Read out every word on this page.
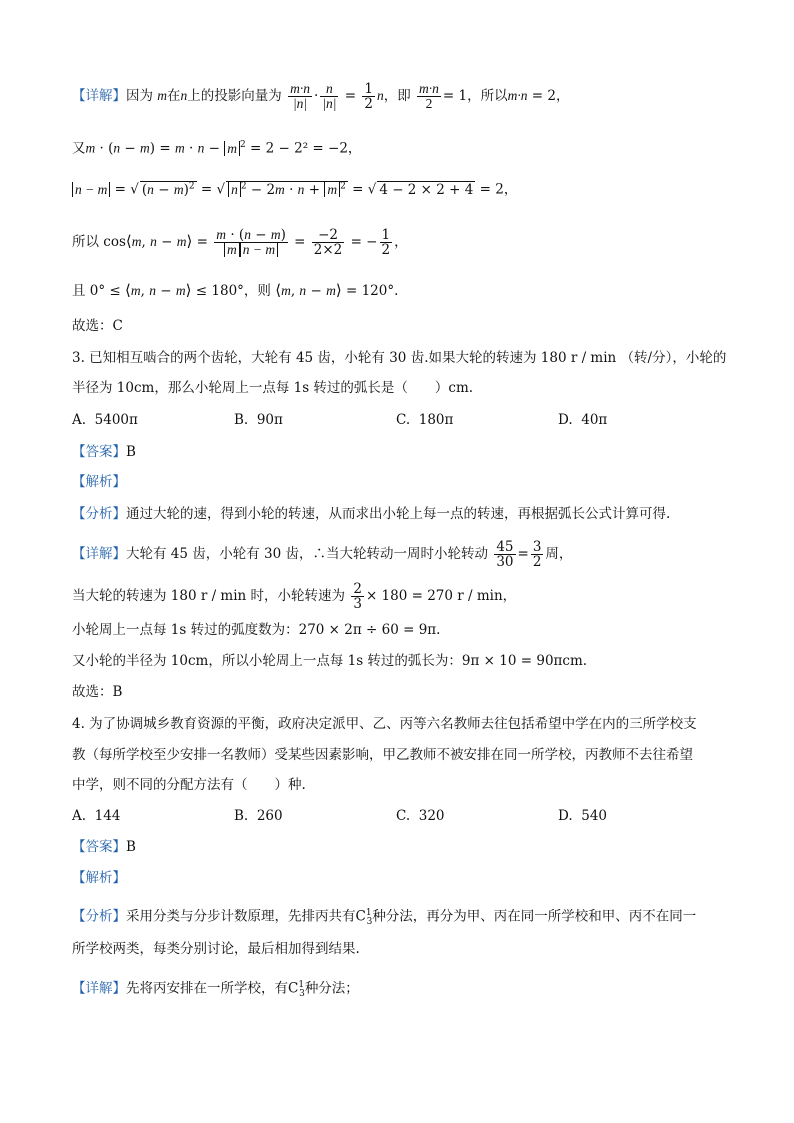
【详解】因为 m在n上的投影向量为 $\frac{m\cdot n}{|n|} \cdot \frac{n}{|n|} = \frac{1}{2}$ n，即 $\frac{m\cdot n}{2} = 1$，所以m·n = 2，
又m · (n − m) = m · n − m $^2$ = 2 − 2² = −2，
n − m = √ $(n - m)^2$ = √ n $^2$ − 2m · n + m $^2$ = √ 4 − 2 × 2 + 4 = 2，
所以 cos⟨m, n − m⟩ = $\frac{m \cdot (n - m)}{\text{m n − m}} = \frac{-2}{2\times 2}$ = − $\frac{1}{2}$ ，
且 0° ≤ ⟨m, n − m⟩ ≤ 180°，则 ⟨m, n − m⟩ = 120°.
故选：C
3. 已知相互啮合的两个齿轮，大轮有 45 齿，小轮有 30 齿.如果大轮的转速为 180 r / min （转/分），小轮的
半径为 10cm，那么小轮周上一点每 1s 转过的弧长是（　　）cm.
A. 5400π	B. 90π	C. 180π	D. 40π
【答案】B
【解析】
【分析】通过大轮的速，得到小轮的转速，从而求出小轮上每一点的转速，再根据弧长公式计算可得.
【详解】大轮有 45 齿，小轮有 30 齿，∴当大轮转动一周时小轮转动 $\frac{45}{30} = \frac{3}{2}$ 周，
当大轮的转速为 180 r / min 时，小轮转速为 $\frac{2}{3} \times 180 = 270$ r / min，
小轮周上一点每 1s 转过的弧度数为：270 × 2π ÷ 60 = 9π.
又小轮的半径为 10cm，所以小轮周上一点每 1s 转过的弧长为：9π × 10 = 90πcm.
故选：B
4. 为了协调城乡教育资源的平衡，政府决定派甲、乙、丙等六名教师去往包括希望中学在内的三所学校支
教（每所学校至少安排一名教师）受某些因素影响，甲乙教师不被安排在同一所学校，丙教师不去往希望
中学，则不同的分配方法有（　　）种.
A. 144	B. 260	C. 320	D. 540
【答案】B
【解析】
【分析】采用分类与分步计数原理，先排丙共有$C^1_3$种分法，再分为甲、丙在同一所学校和甲、丙不在同一
所学校两类，每类分别讨论，最后相加得到结果.
【详解】先将丙安排在一所学校，有$C^1_3$种分法；
